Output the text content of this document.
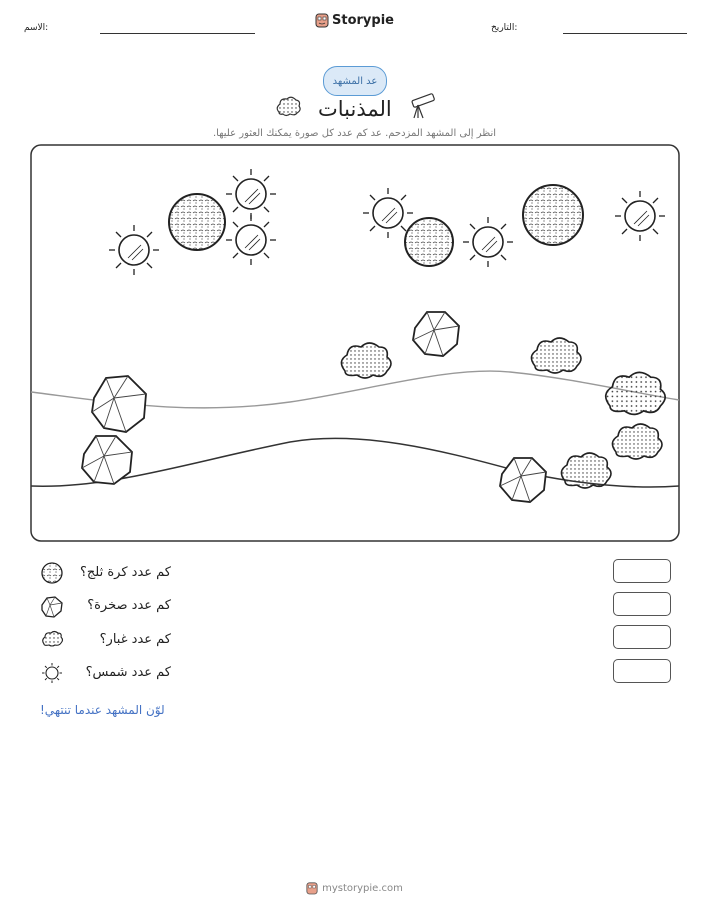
الاسم:
Storypie
التاريخ:
عد المشهد
المذنبات
انظر إلى المشهد المزدحم. عد كم عدد كل صورة يمكنك العثور عليها.
كم عدد كرة ثلج؟
كم عدد صخرة؟
كم عدد غبار؟
كم عدد شمس؟
لوّن المشهد عندما تنتهي!
mystorypie.com
